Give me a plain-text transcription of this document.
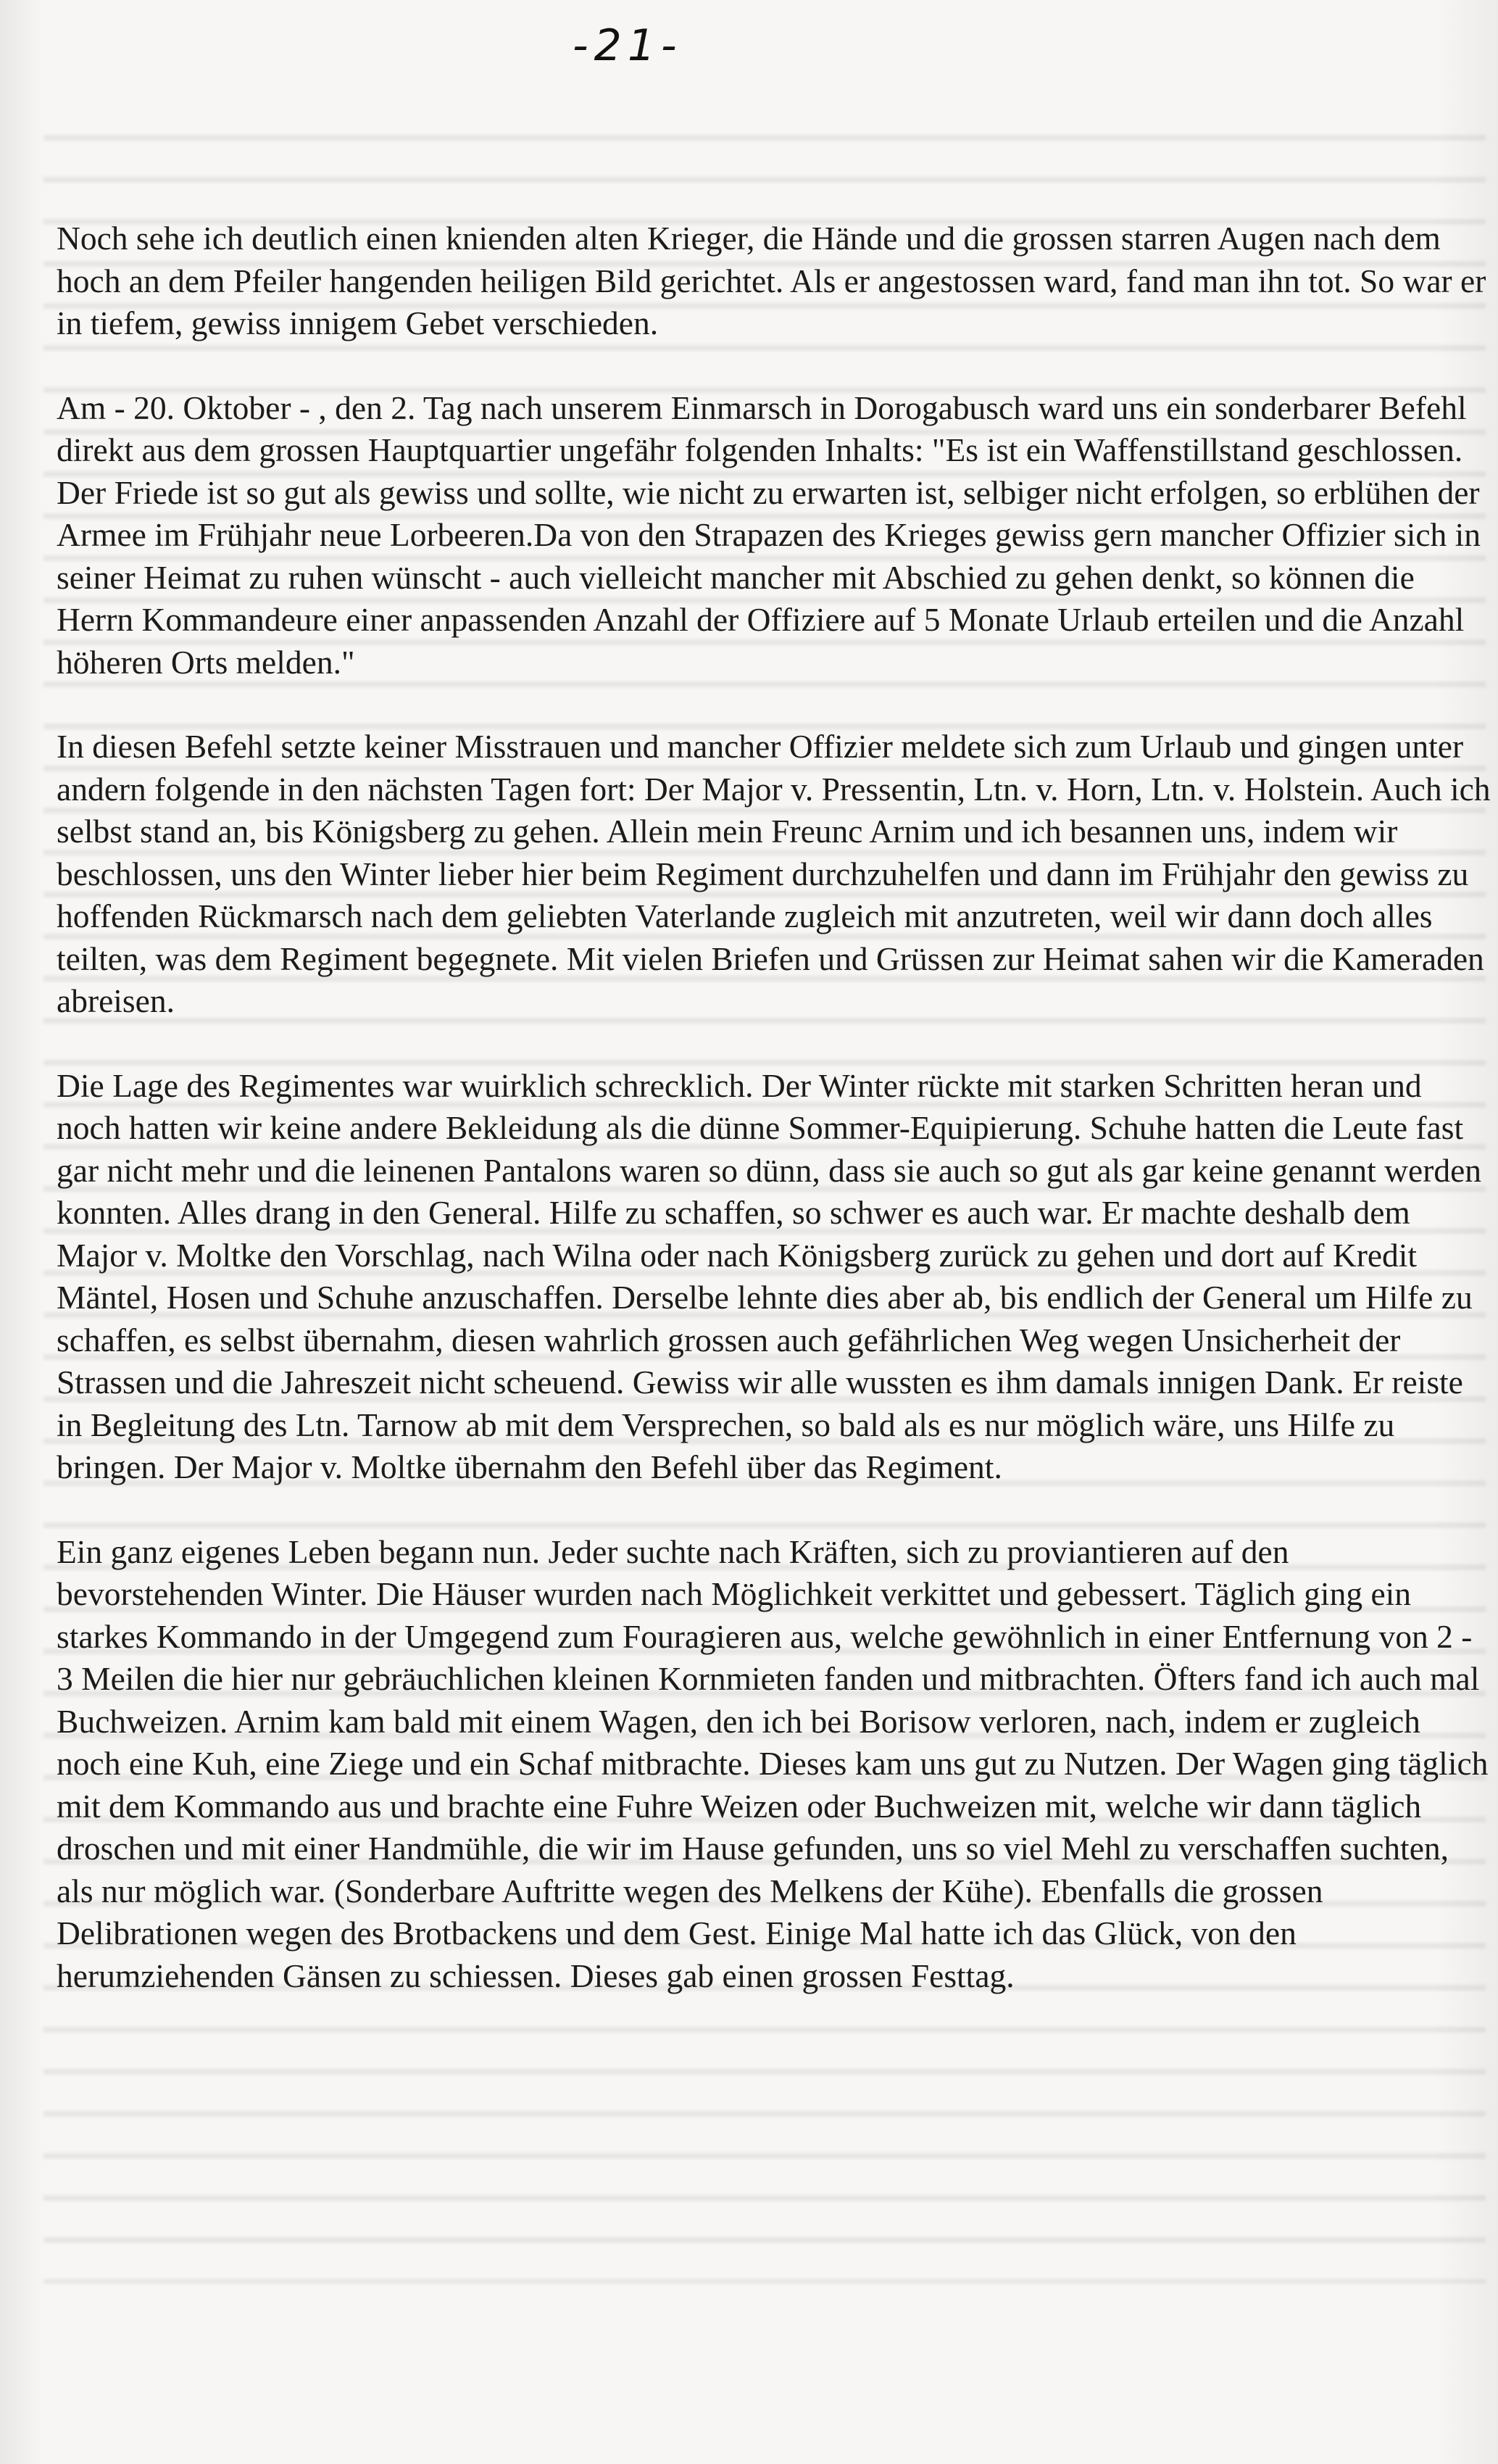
-21-

Noch sehe ich deutlich einen knienden alten Krieger, die Hände und die grossen starren Augen nach dem hoch an dem Pfeiler hangenden heiligen Bild gerichtet. Als er angestossen ward, fand man ihn tot. So war er in tiefem, gewiss innigem Gebet verschieden.

Am - 20. Oktober - , den 2. Tag nach unserem Einmarsch in Dorogabusch ward uns ein sonderbarer Befehl direkt aus dem grossen Hauptquartier ungefähr folgenden Inhalts: "Es ist ein Waffenstillstand geschlossen. Der Friede ist so gut als gewiss und sollte, wie nicht zu erwarten ist, selbiger nicht erfolgen, so erblühen der Armee im Frühjahr neue Lorbeeren.Da von den Strapazen des Krieges gewiss gern mancher Offizier sich in seiner Heimat zu ruhen wünscht - auch vielleicht mancher mit Abschied zu gehen denkt, so können die Herrn Kommandeure einer anpassenden Anzahl der Offiziere auf 5 Monate Urlaub erteilen und die Anzahl höheren Orts melden."

In diesen Befehl setzte keiner Misstrauen und mancher Offizier meldete sich zum Urlaub und gingen unter andern folgende in den nächsten Tagen fort: Der Major v. Pressentin, Ltn. v. Horn, Ltn. v. Holstein. Auch ich selbst stand an, bis Königsberg zu gehen. Allein mein Freunc Arnim und ich besannen uns, indem wir beschlossen, uns den Winter lieber hier beim Regiment durchzuhelfen und dann im Frühjahr den gewiss zu hoffenden Rückmarsch nach dem geliebten Vaterlande zugleich mit anzutreten, weil wir dann doch alles teilten, was dem Regiment begegnete. Mit vielen Briefen und Grüssen zur Heimat sahen wir die Kameraden abreisen.

Die Lage des Regimentes war wuirklich schrecklich. Der Winter rückte mit starken Schritten heran und noch hatten wir keine andere Bekleidung als die dünne Sommer-Equipierung. Schuhe hatten die Leute fast gar nicht mehr und die leinenen Pantalons waren so dünn, dass sie auch so gut als gar keine genannt werden konnten. Alles drang in den General. Hilfe zu schaffen, so schwer es auch war. Er machte deshalb dem Major v. Moltke den Vorschlag, nach Wilna oder nach Königsberg zurück zu gehen und dort auf Kredit Mäntel, Hosen und Schuhe anzuschaffen. Derselbe lehnte dies aber ab, bis endlich der General um Hilfe zu schaffen, es selbst übernahm, diesen wahrlich grossen auch gefährlichen Weg wegen Unsicherheit der Strassen und die Jahreszeit nicht scheuend. Gewiss wir alle wussten es ihm damals innigen Dank. Er reiste in Begleitung des Ltn. Tarnow ab mit dem Versprechen, so bald als es nur möglich wäre, uns Hilfe zu bringen. Der Major v. Moltke übernahm den Befehl über das Regiment.

Ein ganz eigenes Leben begann nun. Jeder suchte nach Kräften, sich zu proviantieren auf den bevorstehenden Winter. Die Häuser wurden nach Möglichkeit verkittet und gebessert. Täglich ging ein starkes Kommando in der Umgegend zum Fouragieren aus, welche gewöhnlich in einer Entfernung von 2 - 3 Meilen die hier nur gebräuchlichen kleinen Kornmieten fanden und mitbrachten. Öfters fand ich auch mal Buchweizen. Arnim kam bald mit einem Wagen, den ich bei Borisow verloren, nach, indem er zugleich noch eine Kuh, eine Ziege und ein Schaf mitbrachte. Dieses kam uns gut zu Nutzen. Der Wagen ging täglich mit dem Kommando aus und brachte eine Fuhre Weizen oder Buchweizen mit, welche wir dann täglich droschen und mit einer Handmühle, die wir im Hause gefunden, uns so viel Mehl zu verschaffen suchten, als nur möglich war. (Sonderbare Auftritte wegen des Melkens der Kühe). Ebenfalls die grossen Delibrationen wegen des Brotbackens und dem Gest. Einige Mal hatte ich das Glück, von den herumziehenden Gänsen zu schiessen. Dieses gab einen grossen Festtag.
